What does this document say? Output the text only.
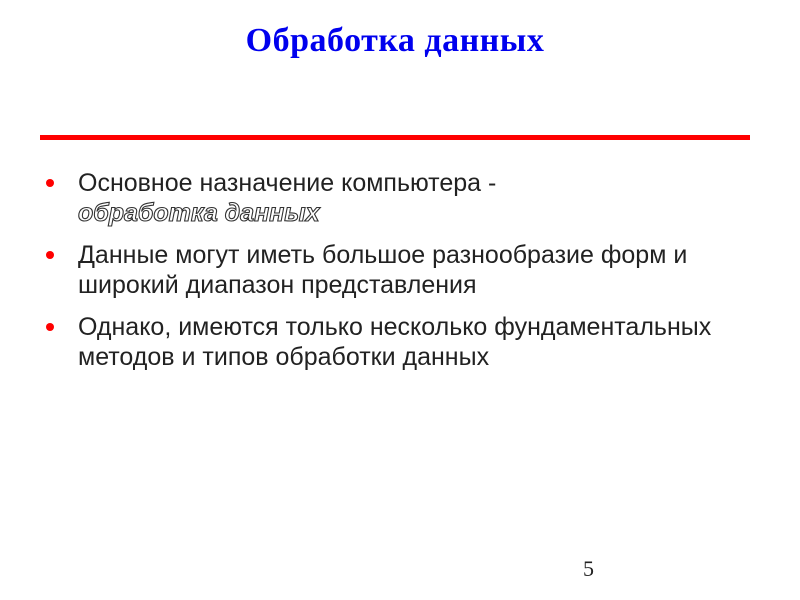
Обработка данных
Основное назначение компьютера -
обработка данных
Данные могут иметь большое разнообразие форм и широкий диапазон представления
Однако, имеются только несколько фундаментальных методов и типов обработки данных
5
